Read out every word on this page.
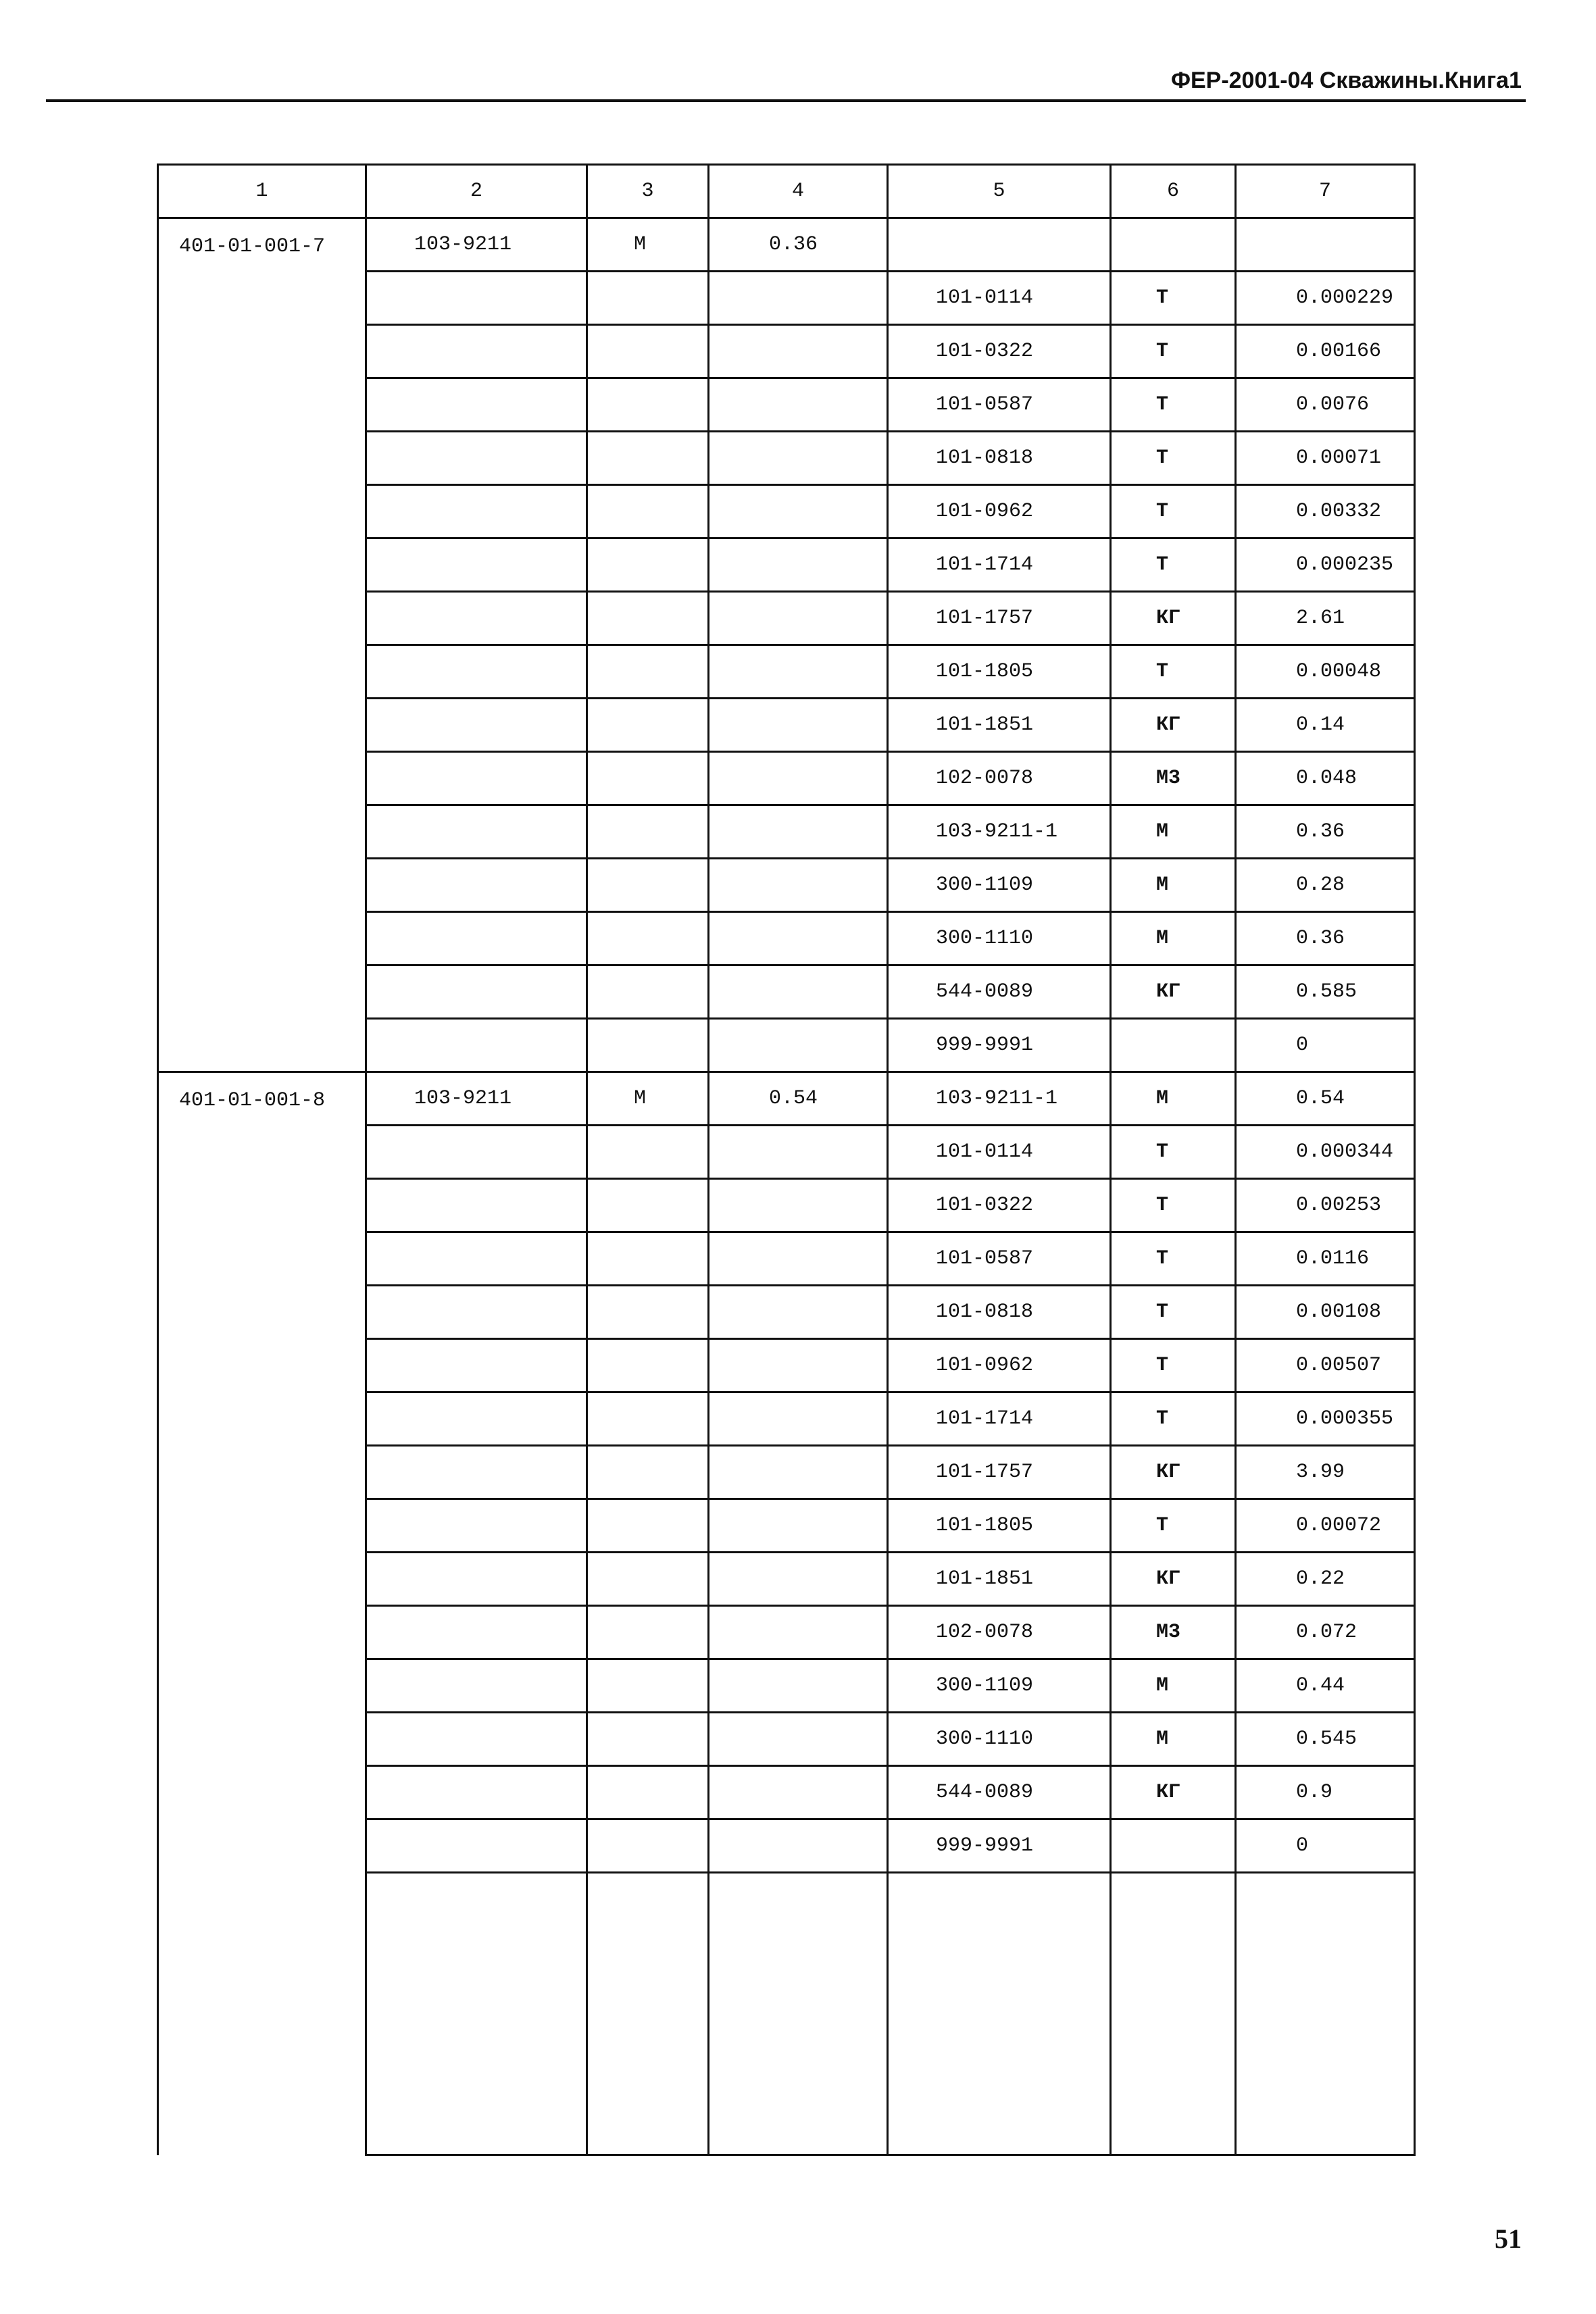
ФЕР-2001-04 Скважины.Книга1
1	2	3	4	5	6	7
401-01-001-7	103-9211	М	0.36			
				101-0114	Т	0.000229
				101-0322	Т	0.00166
				101-0587	Т	0.0076
				101-0818	Т	0.00071
				101-0962	Т	0.00332
				101-1714	Т	0.000235
				101-1757	КГ	2.61
				101-1805	Т	0.00048
				101-1851	КГ	0.14
				102-0078	М3	0.048
				103-9211-1	М	0.36
				300-1109	М	0.28
				300-1110	М	0.36
				544-0089	КГ	0.585
				999-9991		0
401-01-001-8	103-9211	М	0.54	103-9211-1	М	0.54
				101-0114	Т	0.000344
				101-0322	Т	0.00253
				101-0587	Т	0.0116
				101-0818	Т	0.00108
				101-0962	Т	0.00507
				101-1714	Т	0.000355
				101-1757	КГ	3.99
				101-1805	Т	0.00072
				101-1851	КГ	0.22
				102-0078	М3	0.072
				300-1109	М	0.44
				300-1110	М	0.545
				544-0089	КГ	0.9
				999-9991		0

51
